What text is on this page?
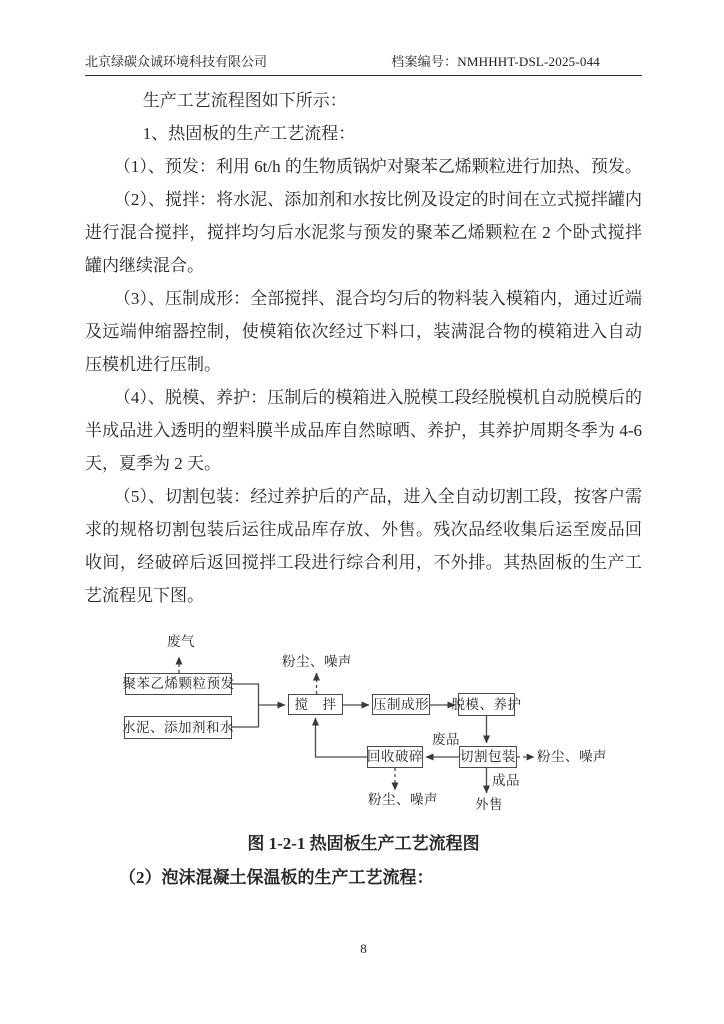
北京绿碳众诚环境科技有限公司	档案编号：NMHHHT-DSL-2025-044

生产工艺流程图如下所示：

1、热固板的生产工艺流程：

（1）、预发：利用 6t/h 的生物质锅炉对聚苯乙烯颗粒进行加热、预发。

（2）、搅拌：将水泥、添加剂和水按比例及设定的时间在立式搅拌罐内进行混合搅拌，搅拌均匀后水泥浆与预发的聚苯乙烯颗粒在 2 个卧式搅拌罐内继续混合。

（3）、压制成形：全部搅拌、混合均匀后的物料装入模箱内，通过近端及远端伸缩器控制，使模箱依次经过下料口，装满混合物的模箱进入自动压模机进行压制。

（4）、脱模、养护：压制后的模箱进入脱模工段经脱模机自动脱模后的半成品进入透明的塑料膜半成品库自然晾晒、养护，其养护周期冬季为 4-6 天，夏季为 2 天。

（5）、切割包装：经过养护后的产品，进入全自动切割工段，按客户需求的规格切割包装后运往成品库存放、外售。残次品经收集后运至废品回收间，经破碎后返回搅拌工段进行综合利用，不外排。其热固板的生产工艺流程见下图。

聚苯乙烯颗粒预发
水泥、添加剂和水
搅　拌	压制成形 脱模、养护
切割包装
回收破碎
废气
粉尘、噪声
废品
粉尘、噪声
成品
外售
粉尘、噪声
图 1-2-1 热固板生产工艺流程图
（2）泡沫混凝土保温板的生产工艺流程：
8
